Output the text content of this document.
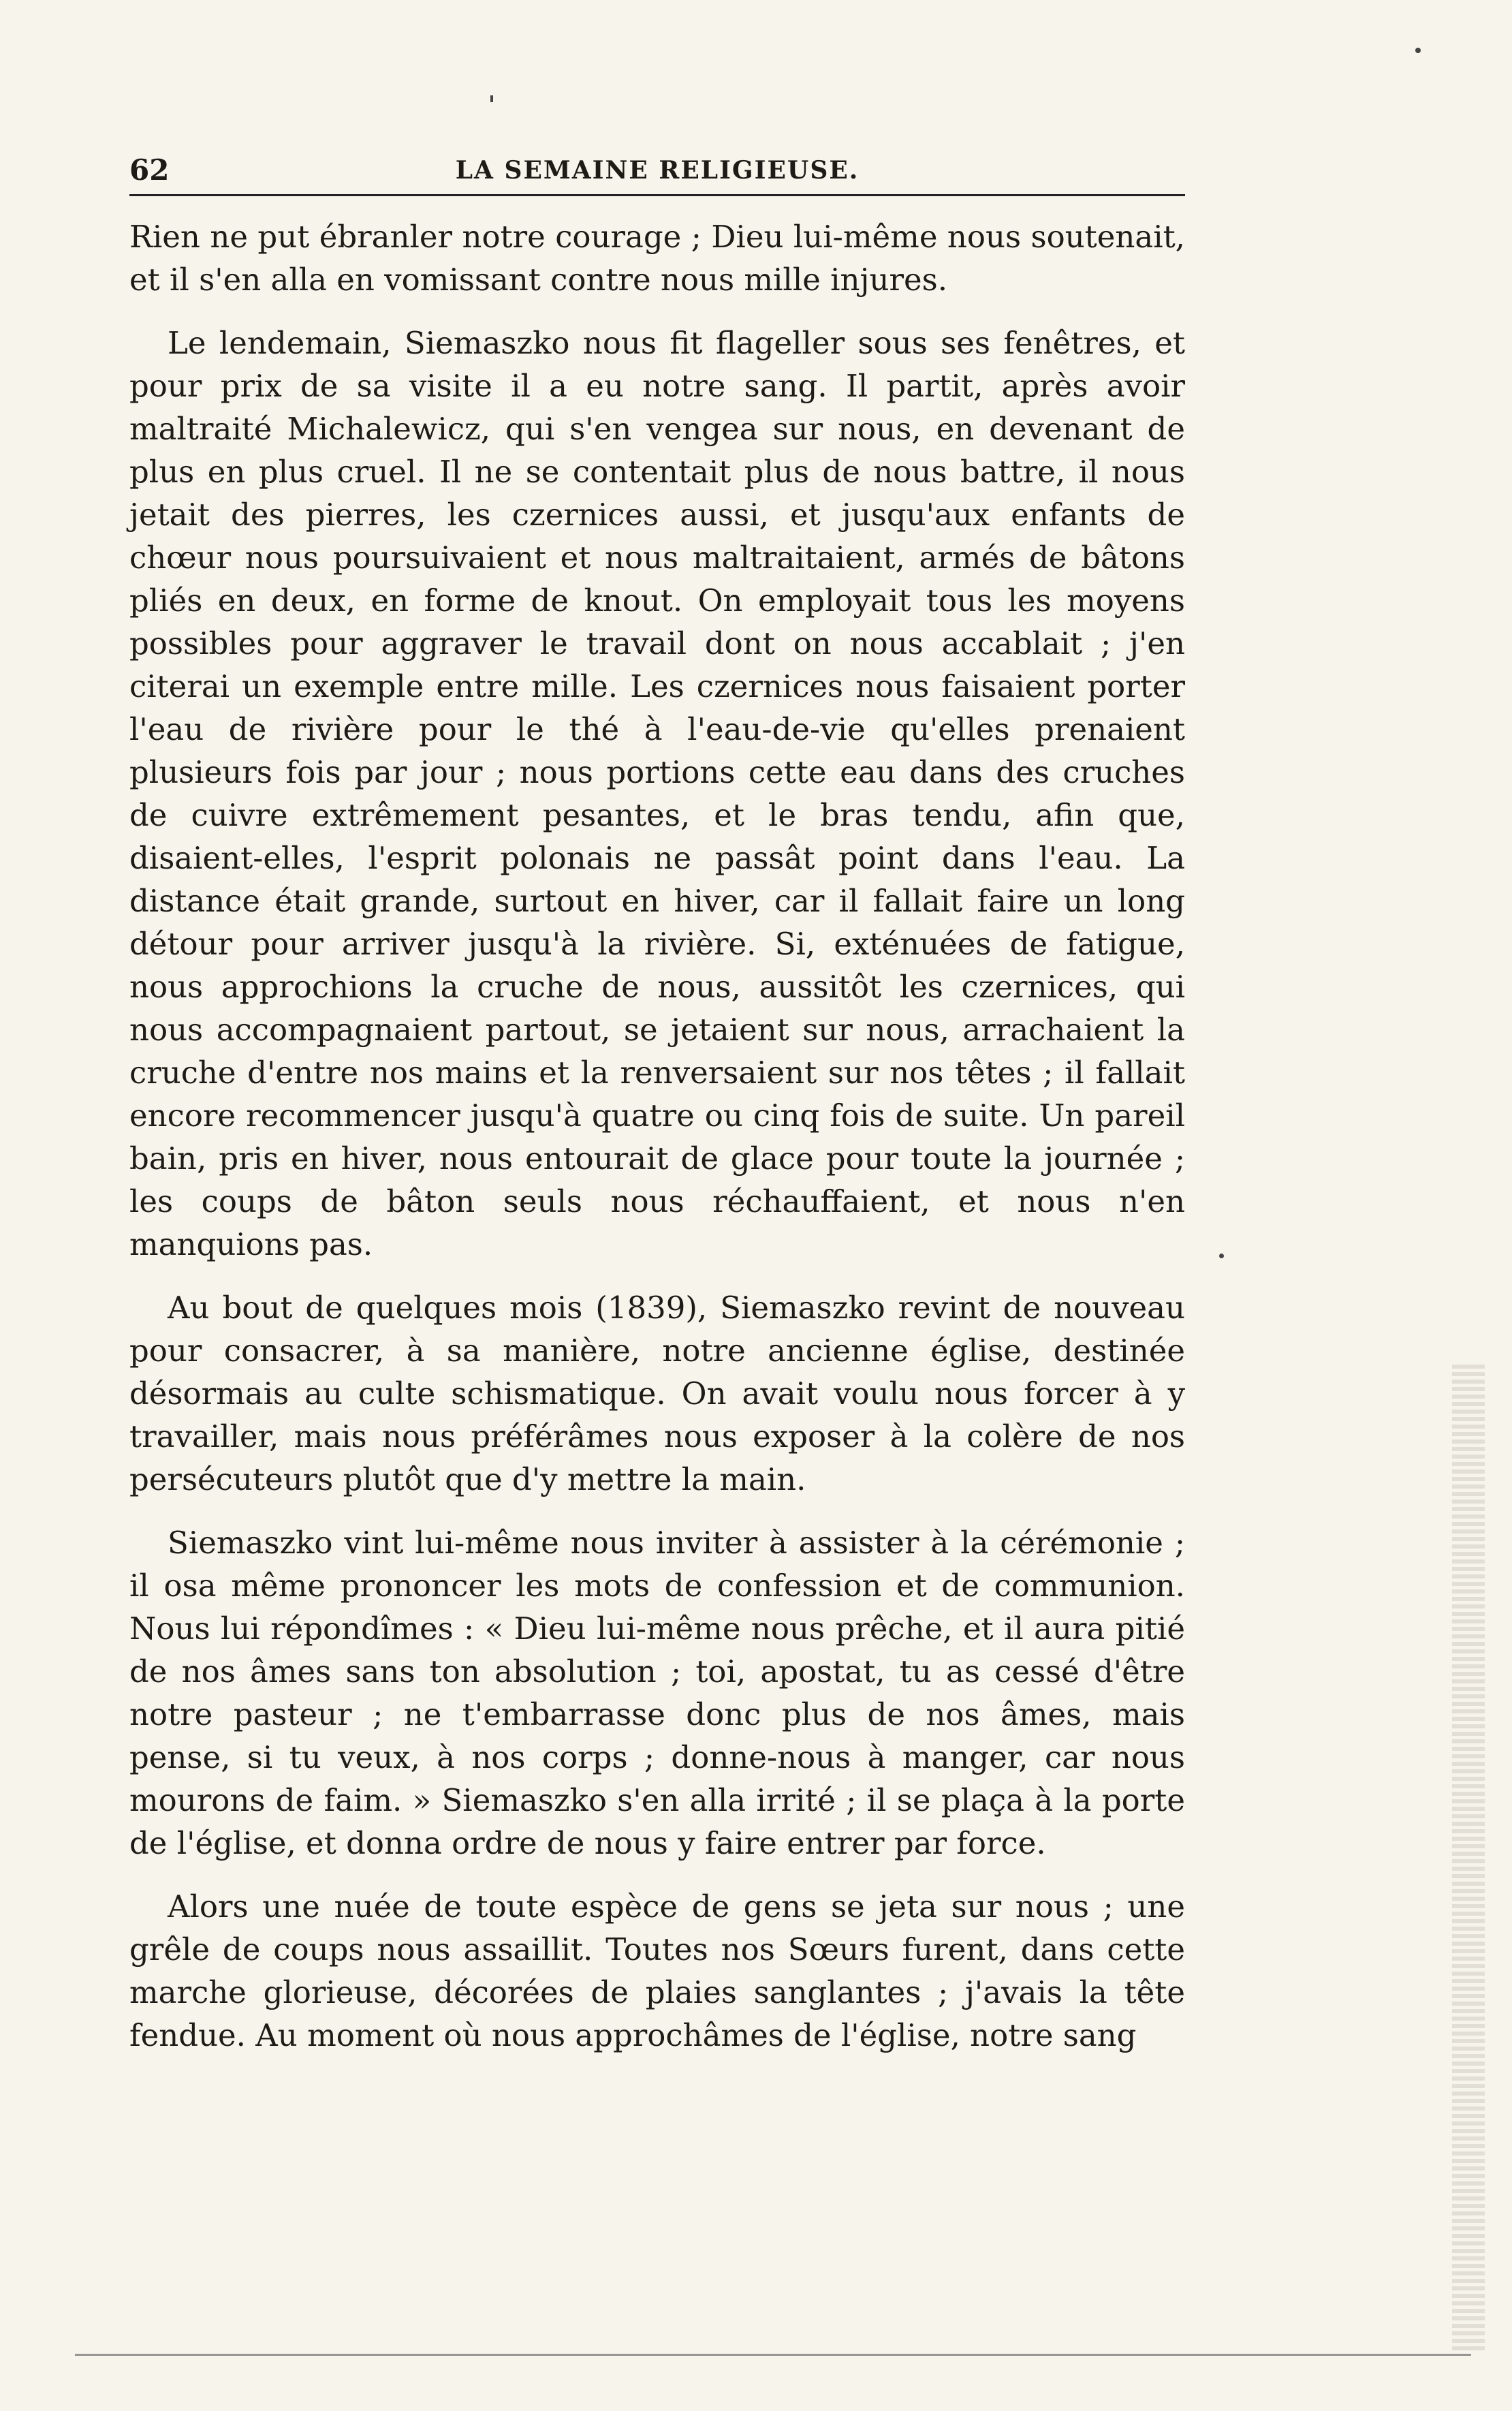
62	LA SEMAINE RELIGIEUSE.

Rien ne put ébranler notre courage ; Dieu lui-même nous soutenait, et il s'en alla en vomissant contre nous mille injures.

Le lendemain, Siemaszko nous fit flageller sous ses fenêtres, et pour prix de sa visite il a eu notre sang. Il partit, après avoir maltraité Michalewicz, qui s'en vengea sur nous, en devenant de plus en plus cruel. Il ne se contentait plus de nous battre, il nous jetait des pierres, les czernices aussi, et jusqu'aux enfants de chœur nous poursuivaient et nous maltraitaient, armés de bâtons pliés en deux, en forme de knout. On employait tous les moyens possibles pour aggraver le travail dont on nous accablait ; j'en citerai un exemple entre mille. Les czernices nous faisaient porter l'eau de rivière pour le thé à l'eau-de-vie qu'elles prenaient plusieurs fois par jour ; nous portions cette eau dans des cruches de cuivre extrêmement pesantes, et le bras tendu, afin que, disaient-elles, l'esprit polonais ne passât point dans l'eau. La distance était grande, surtout en hiver, car il fallait faire un long détour pour arriver jusqu'à la rivière. Si, exténuées de fatigue, nous approchions la cruche de nous, aussitôt les czernices, qui nous accompagnaient partout, se jetaient sur nous, arrachaient la cruche d'entre nos mains et la renversaient sur nos têtes ; il fallait encore recommencer jusqu'à quatre ou cinq fois de suite. Un pareil bain, pris en hiver, nous entourait de glace pour toute la journée ; les coups de bâton seuls nous réchauffaient, et nous n'en manquions pas.

Au bout de quelques mois (1839), Siemaszko revint de nouveau pour consacrer, à sa manière, notre ancienne église, destinée désormais au culte schismatique. On avait voulu nous forcer à y travailler, mais nous préférâmes nous exposer à la colère de nos persécuteurs plutôt que d'y mettre la main.

Siemaszko vint lui-même nous inviter à assister à la cérémonie ; il osa même prononcer les mots de confession et de communion. Nous lui répondîmes : « Dieu lui-même nous prêche, et il aura pitié de nos âmes sans ton absolution ; toi, apostat, tu as cessé d'être notre pasteur ; ne t'embarrasse donc plus de nos âmes, mais pense, si tu veux, à nos corps ; donne-nous à manger, car nous mourons de faim. » Siemaszko s'en alla irrité ; il se plaça à la porte de l'église, et donna ordre de nous y faire entrer par force.

Alors une nuée de toute espèce de gens se jeta sur nous ; une grêle de coups nous assaillit. Toutes nos Sœurs furent, dans cette marche glorieuse, décorées de plaies sanglantes ; j'avais la tête fendue. Au moment où nous approchâmes de l'église, notre sang
